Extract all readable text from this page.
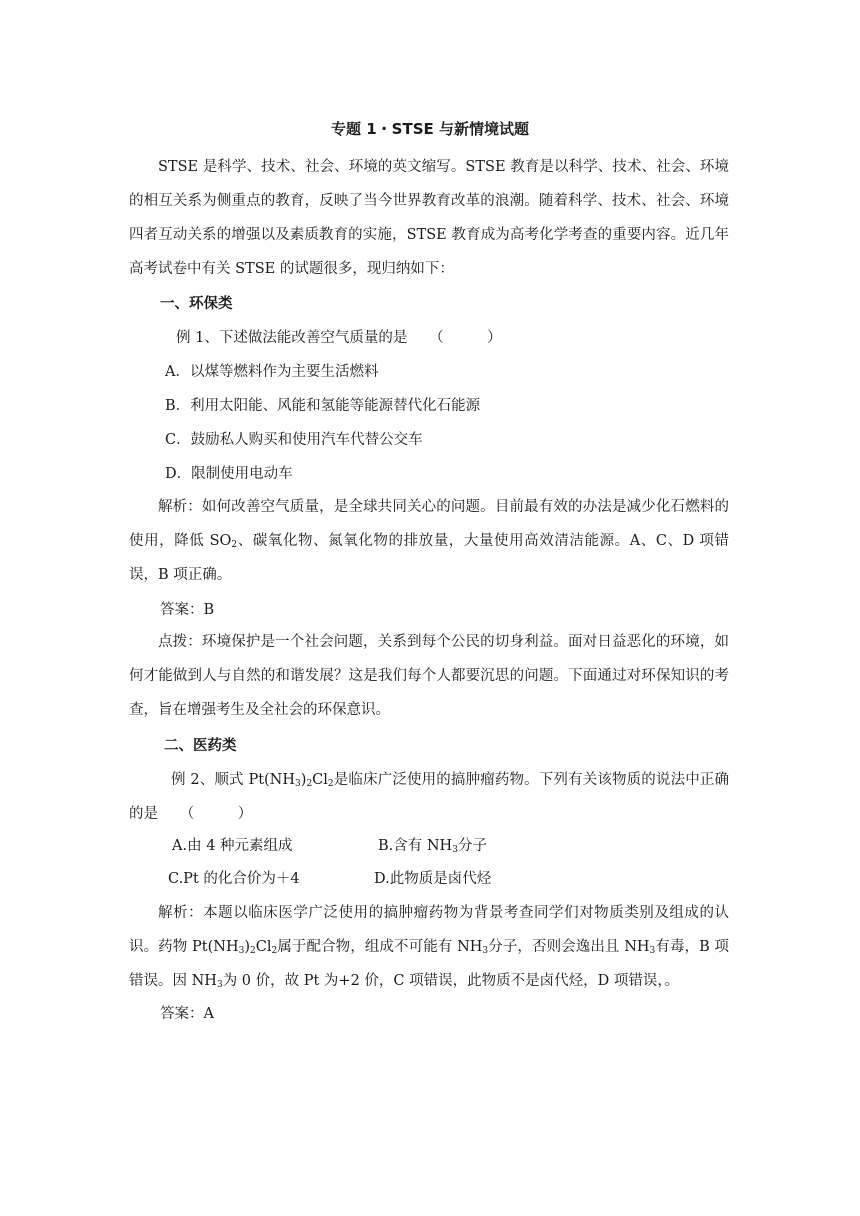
专题 1・STSE 与新情境试题

STSE 是科学、技术、社会、环境的英文缩写。STSE 教育是以科学、技术、社会、环境的相互关系为侧重点的教育，反映了当今世界教育改革的浪潮。随着科学、技术、社会、环境四者互动关系的增强以及素质教育的实施，STSE 教育成为高考化学考查的重要内容。近几年高考试卷中有关 STSE 的试题很多，现归纳如下：

一、环保类
例 1、下述做法能改善空气质量的是　　（　　　）
A．以煤等燃料作为主要生活燃料
B．利用太阳能、风能和氢能等能源替代化石能源
C．鼓励私人购买和使用汽车代替公交车
D．限制使用电动车

解析：如何改善空气质量，是全球共同关心的问题。目前最有效的办法是减少化石燃料的使用，降低 $SO_2$、碳氧化物、氮氧化物的排放量，大量使用高效清洁能源。A、C、D 项错误，B 项正确。

答案：B

点拨：环境保护是一个社会问题，关系到每个公民的切身利益。面对日益恶化的环境，如何才能做到人与自然的和谐发展？这是我们每个人都要沉思的问题。下面通过对环保知识的考查，旨在增强考生及全社会的环保意识。

二、医药类

例 2、顺式 $Pt(NH_3)_2Cl_2$是临床广泛使用的搞肿瘤药物。下列有关该物质的说法中正确的是　　（　　　）

A.由 4 种元素组成	B.含有 $NH_3$分子
C.Pt 的化合价为＋4	D.此物质是卤代烃

解析：本题以临床医学广泛使用的搞肿瘤药物为背景考查同学们对物质类别及组成的认识。药物 $Pt(NH_3)_2Cl_2$属于配合物，组成不可能有 $NH_3$分子，否则会逸出且 $NH_3$有毒，B 项错误。因 $NH_3$为 0 价，故 Pt 为+2 价，C 项错误，此物质不是卤代烃，D 项错误，。

答案：A
